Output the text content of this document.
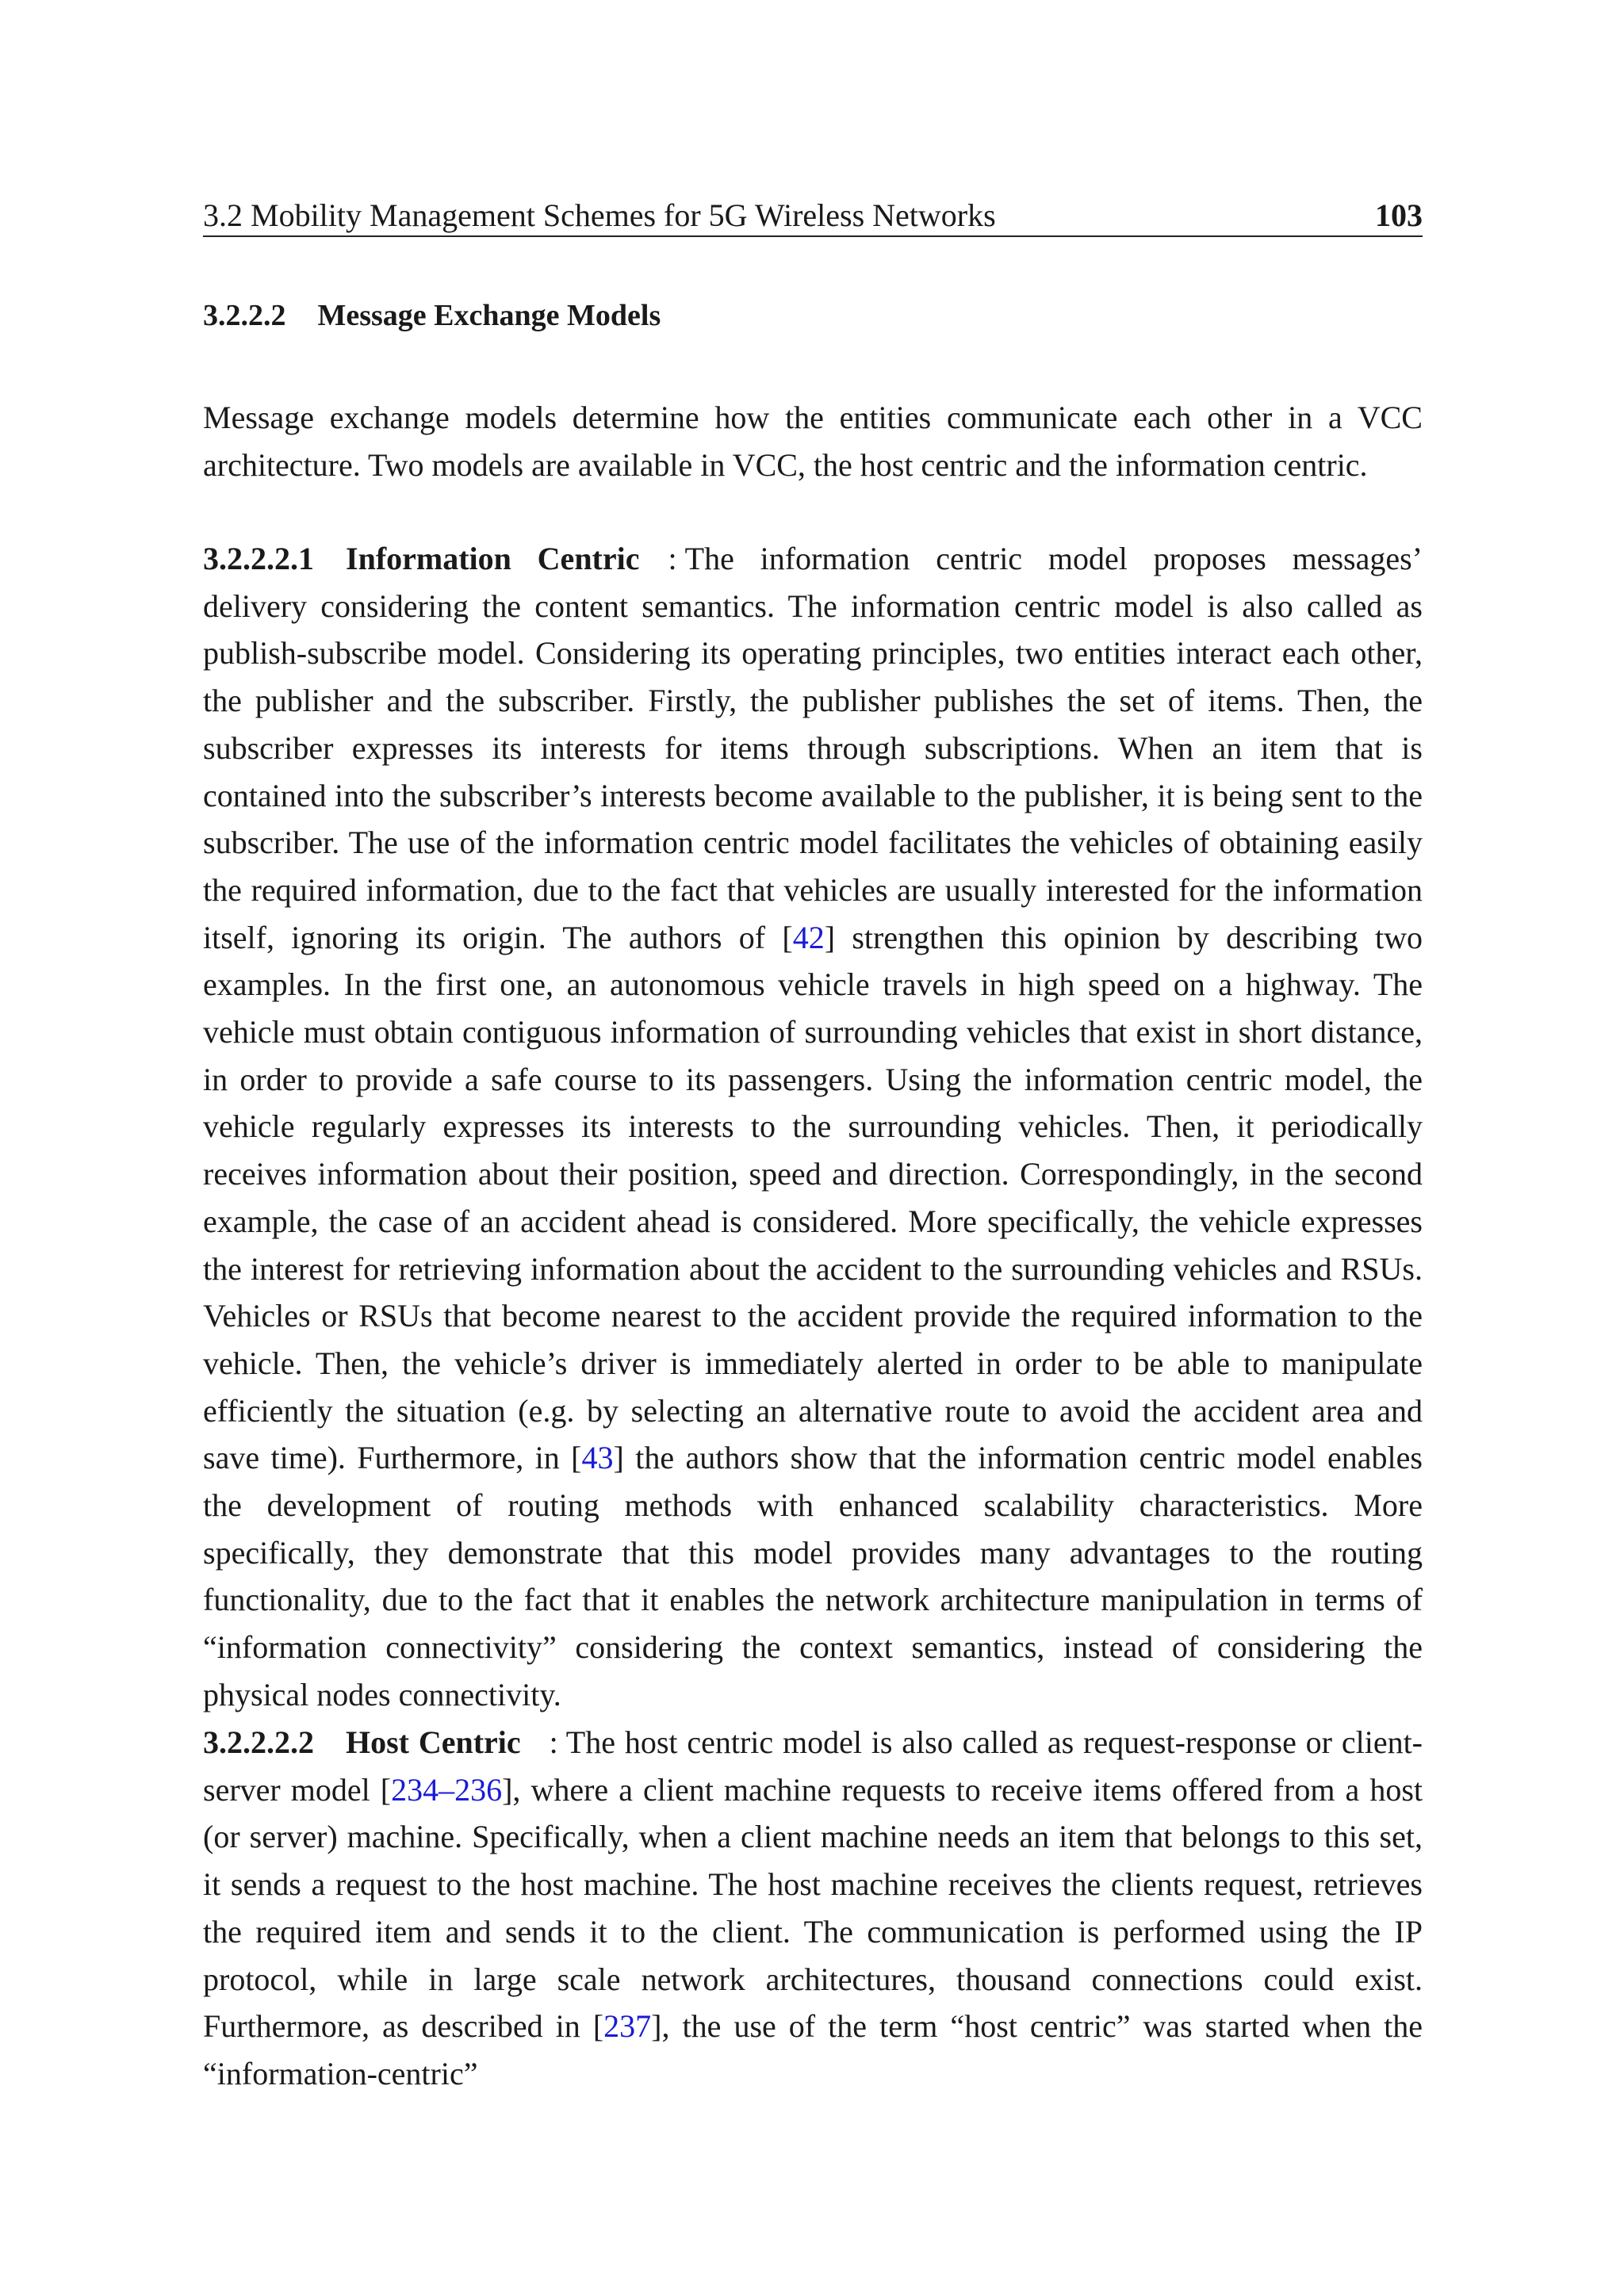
3.2 Mobility Management Schemes for 5G Wireless Networks	103
3.2.2.2 Message Exchange Models

Message exchange models determine how the entities communicate each other in a VCC architecture. Two models are available in VCC, the host centric and the information centric.

3.2.2.2.1 Information Centric : The information centric model proposes messages’ delivery considering the content semantics. The information centric model is also called as publish-subscribe model. Considering its operating principles, two entities interact each other, the publisher and the subscriber. Firstly, the publisher publishes the set of items. Then, the subscriber expresses its interests for items through subscriptions. When an item that is contained into the subscriber’s interests become available to the publisher, it is being sent to the subscriber. The use of the information centric model facilitates the vehicles of obtaining easily the required information, due to the fact that vehicles are usually interested for the information itself, ignoring its origin. The authors of [42] strengthen this opinion by describing two examples. In the first one, an autonomous vehicle travels in high speed on a highway. The vehicle must obtain contiguous information of surrounding vehicles that exist in short distance, in order to provide a safe course to its passengers. Using the information centric model, the vehicle regularly expresses its interests to the surrounding vehicles. Then, it periodically receives information about their position, speed and direction. Correspondingly, in the second example, the case of an accident ahead is considered. More specifically, the vehicle expresses the interest for retrieving information about the accident to the surrounding vehicles and RSUs. Vehicles or RSUs that become nearest to the accident provide the required information to the vehicle. Then, the vehicle’s driver is immediately alerted in order to be able to manipulate efficiently the situation (e.g. by selecting an alternative route to avoid the accident area and save time). Furthermore, in [43] the authors show that the information centric model enables the development of routing methods with enhanced scalability characteristics. More specifically, they demonstrate that this model provides many advantages to the routing functionality, due to the fact that it enables the network architecture manipulation in terms of “information connectivity” considering the context semantics, instead of considering the physical nodes connectivity.

3.2.2.2.2 Host Centric : The host centric model is also called as request-response or client-server model [234–236], where a client machine requests to receive items offered from a host (or server) machine. Specifically, when a client machine needs an item that belongs to this set, it sends a request to the host machine. The host machine receives the clients request, retrieves the required item and sends it to the client. The communication is performed using the IP protocol, while in large scale network architectures, thousand connections could exist. Furthermore, as described in [237], the use of the term “host centric” was started when the “information-centric”
